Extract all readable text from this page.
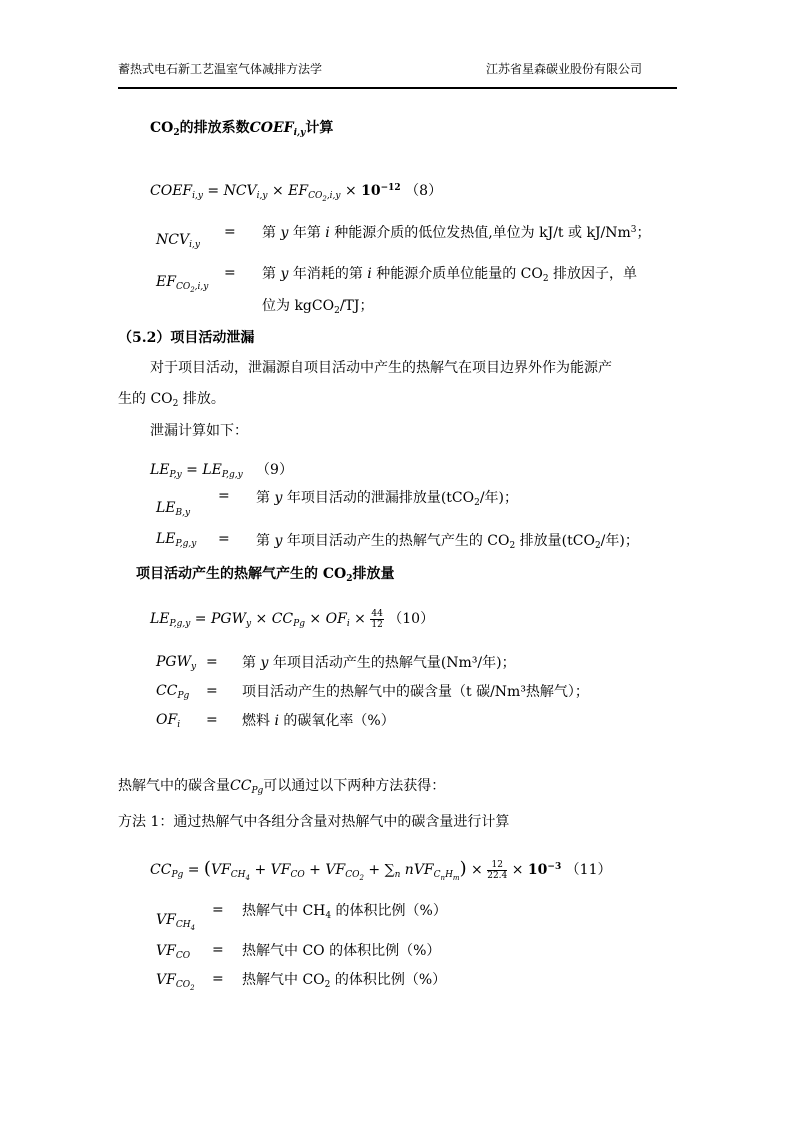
蓄热式电石新工艺温室气体减排方法学	江苏省星森碳业股份有限公司
$CO_2$的排放系数$COEF_{i,y}$计算
$COEF_{i,y} = NCV_{i,y} \times EF_{CO_2,i,y} \times 10^{-12}$ （8）
$NCV_{i,y}$
= 第 y 年第 i 种能源介质的低位发热值,单位为 kJ/t 或 kJ/Nm$^3$；
$EF_{CO_2,i,y}$
= 第 y 年消耗的第 i 种能源介质单位能量的 $CO_2$ 排放因子，单
位为 kgCO$_2$/TJ；
（5.2）项目活动泄漏
对于项目活动，泄漏源自项目活动中产生的热解气在项目边界外作为能源产
生的 $CO_2$ 排放。
泄漏计算如下：
$LE_{P,y} = LE_{P,g,y}$ （9）
$LE_{B,y}$
= 第 y 年项目活动的泄漏排放量(tCO$_2$/年)；
$LE_{P,g,y}$ = 第 y 年项目活动产生的热解气产生的 $CO_2$ 排放量(tCO$_2$/年)；
项目活动产生的热解气产生的 $CO_2$排放量
$LE_{P,g,y} = PGW_y \times CC_{Pg} \times OF_i \times \frac{44}{12} (10)$
$PGW_y$ = 第 y 年项目活动产生的热解气量(Nm³/年)；
$CC_{Pg}$ = 项目活动产生的热解气中的碳含量（t 碳/Nm³热解气）；
$OF_i$ = 燃料 i 的碳氧化率（%）
热解气中的碳含量$CC_{Pg}$可以通过以下两种方法获得：
方法 1：通过热解气中各组分含量对热解气中的碳含量进行计算
$CC_{Pg} = (VF_{CH_4} + VF_{CO} + VF_{CO_2} + \sum_n$ $nVF_{C_nH_m}) \times \frac{12}{22.4} \times 10^{-3}$ （11）
$VF_{CH_4}$
= 热解气中 $CH_4$ 的体积比例（%）
$VF_{CO}$ = 热解气中 CO 的体积比例（%）
$VF_{CO_2}$
= 热解气中 $CO_2$ 的体积比例（%）
